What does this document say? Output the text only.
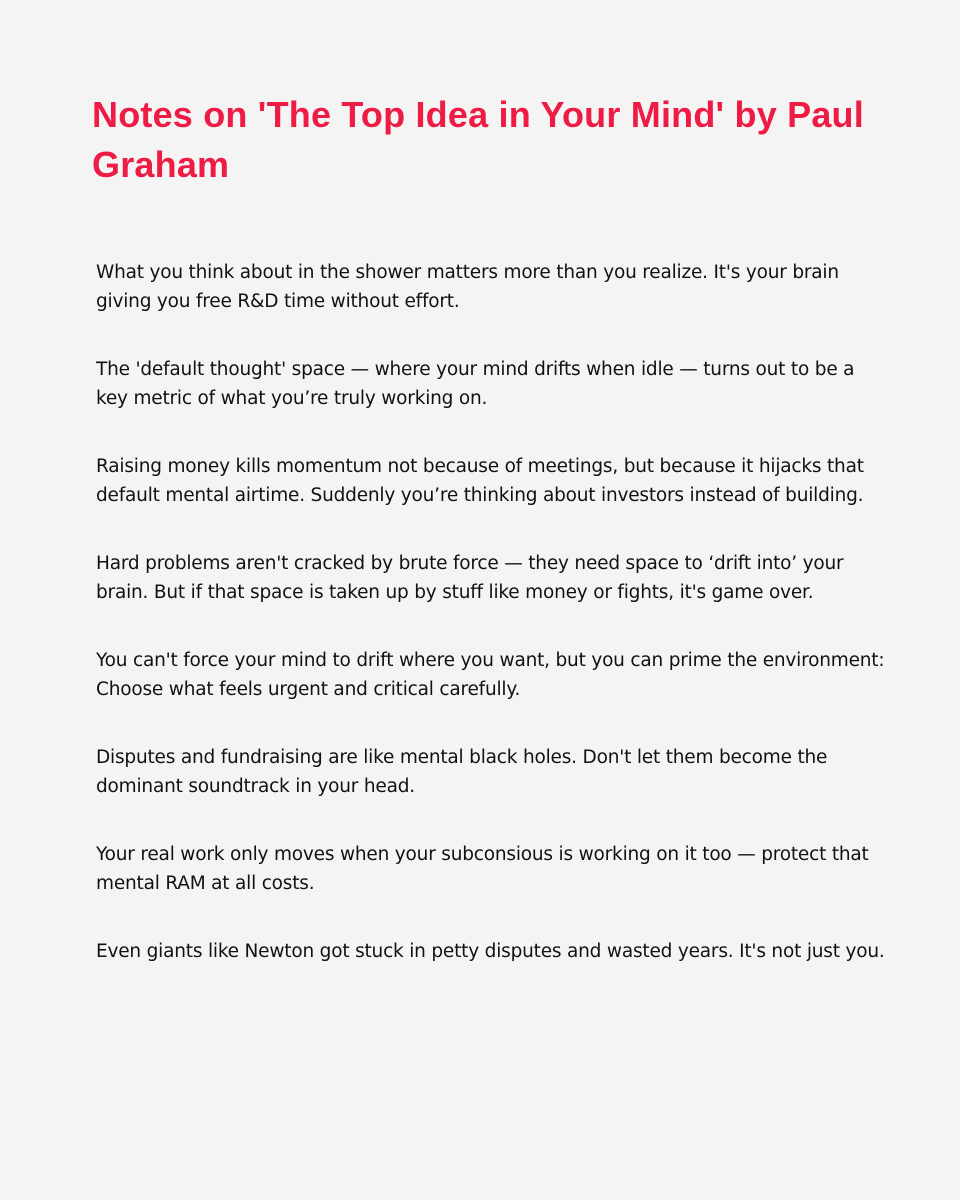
Notes on 'The Top Idea in Your Mind' by Paul Graham

What you think about in the shower matters more than you realize. It's your brain giving you free R&D time without effort.

The 'default thought' space — where your mind drifts when idle — turns out to be a key metric of what you’re truly working on.

Raising money kills momentum not because of meetings, but because it hijacks that default mental airtime. Suddenly you’re thinking about investors instead of building.

Hard problems aren't cracked by brute force — they need space to ‘drift into’ your brain. But if that space is taken up by stuff like money or fights, it's game over.

You can't force your mind to drift where you want, but you can prime the environment: Choose what feels urgent and critical carefully.

Disputes and fundraising are like mental black holes. Don't let them become the dominant soundtrack in your head.

Your real work only moves when your subconsious is working on it too — protect that mental RAM at all costs.

Even giants like Newton got stuck in petty disputes and wasted years. It's not just you.
